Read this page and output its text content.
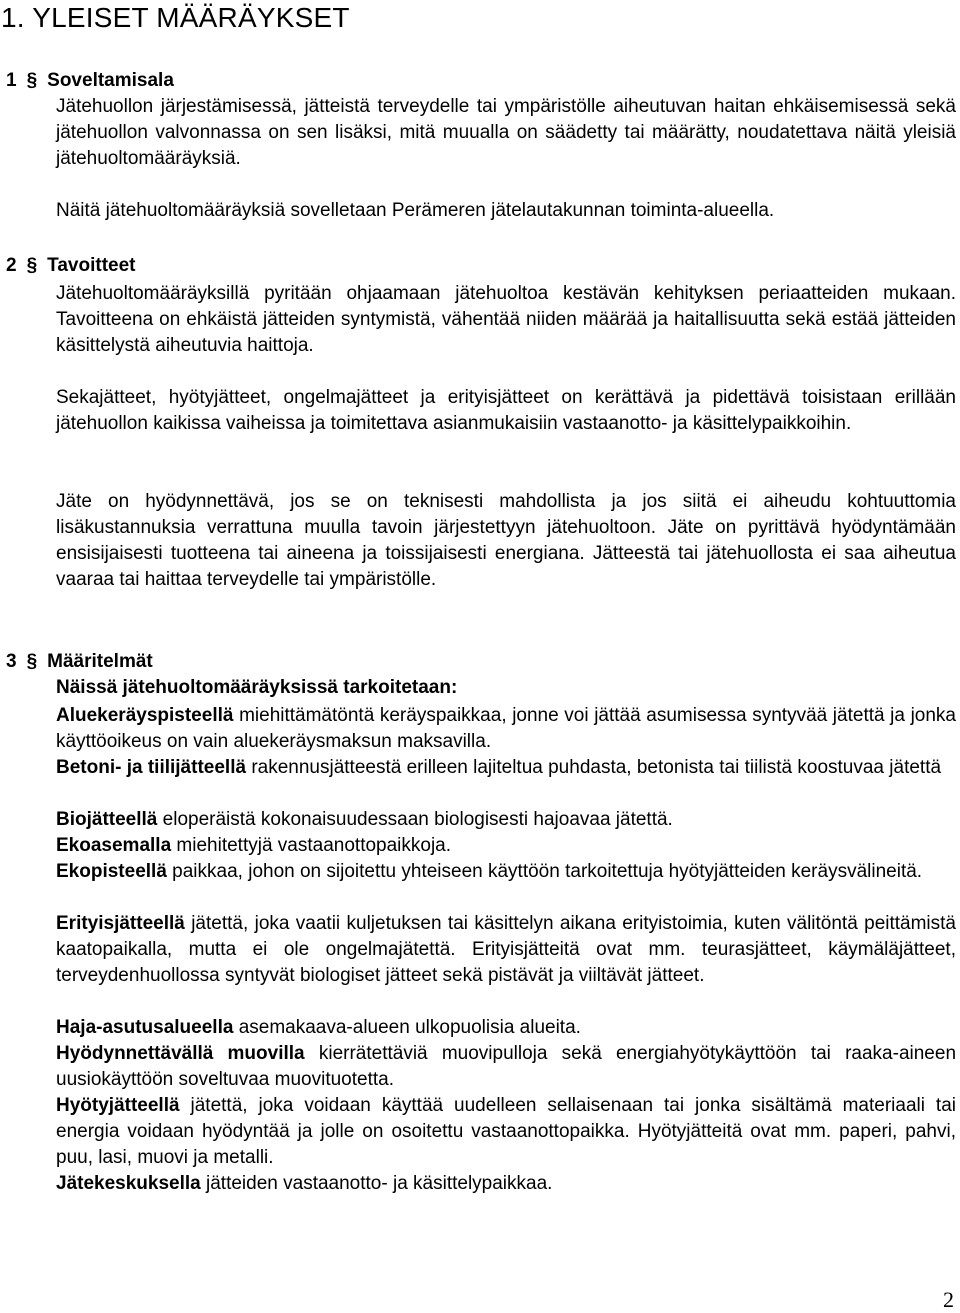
1. YLEISET MÄÄRÄYKSET
1 § Soveltamisala

Jätehuollon järjestämisessä, jätteistä terveydelle tai ympäristölle aiheutuvan haitan ehkäisemisessä sekä jätehuollon valvonnassa on sen lisäksi, mitä muualla on säädetty tai määrätty, noudatettava näitä yleisiä jätehuoltomääräyksiä.

Näitä jätehuoltomääräyksiä sovelletaan Perämeren jätelautakunnan toiminta-alueella.

2 § Tavoitteet

Jätehuoltomääräyksillä pyritään ohjaamaan jätehuoltoa kestävän kehityksen periaatteiden mukaan. Tavoitteena on ehkäistä jätteiden syntymistä, vähentää niiden määrää ja haitallisuutta sekä estää jätteiden käsittelystä aiheutuvia haittoja.

Sekajätteet, hyötyjätteet, ongelmajätteet ja erityisjätteet on kerättävä ja pidettävä toisistaan erillään jätehuollon kaikissa vaiheissa ja toimitettava asianmukaisiin vastaanotto- ja käsittelypaikkoihin.

Jäte on hyödynnettävä, jos se on teknisesti mahdollista ja jos siitä ei aiheudu kohtuuttomia lisäkustannuksia verrattuna muulla tavoin järjestettyyn jätehuoltoon. Jäte on pyrittävä hyödyntämään ensisijaisesti tuotteena tai aineena ja toissijaisesti energiana. Jätteestä tai jätehuollosta ei saa aiheutua vaaraa tai haittaa terveydelle tai ympäristölle.

3 § Määritelmät
Näissä jätehuoltomääräyksissä tarkoitetaan:

Aluekeräyspisteellä miehittämätöntä keräyspaikkaa, jonne voi jättää asumisessa syntyvää jätettä ja jonka käyttöoikeus on vain aluekeräysmaksun maksavilla.

Betoni- ja tiilijätteellä rakennusjätteestä erilleen lajiteltua puhdasta, betonista tai tiilistä koostuvaa jätettä

Biojätteellä eloperäistä kokonaisuudessaan biologisesti hajoavaa jätettä.

Ekoasemalla miehitettyjä vastaanottopaikkoja.

Ekopisteellä paikkaa, johon on sijoitettu yhteiseen käyttöön tarkoitettuja hyötyjätteiden keräysvälineitä.

Erityisjätteellä jätettä, joka vaatii kuljetuksen tai käsittelyn aikana erityistoimia, kuten välitöntä peittämistä kaatopaikalla, mutta ei ole ongelmajätettä. Erityisjätteitä ovat mm. teurasjätteet, käymäläjätteet, terveydenhuollossa syntyvät biologiset jätteet sekä pistävät ja viiltävät jätteet.

Haja-asutusalueella asemakaava-alueen ulkopuolisia alueita.

Hyödynnettävällä muovilla kierrätettäviä muovipulloja sekä energiahyötykäyttöön tai raaka-aineen uusiokäyttöön soveltuvaa muovituotetta.

Hyötyjätteellä jätettä, joka voidaan käyttää uudelleen sellaisenaan tai jonka sisältämä materiaali tai energia voidaan hyödyntää ja jolle on osoitettu vastaanottopaikka. Hyötyjätteitä ovat mm. paperi, pahvi, puu, lasi, muovi ja metalli.

Jätekeskuksella jätteiden vastaanotto- ja käsittelypaikkaa.

2
